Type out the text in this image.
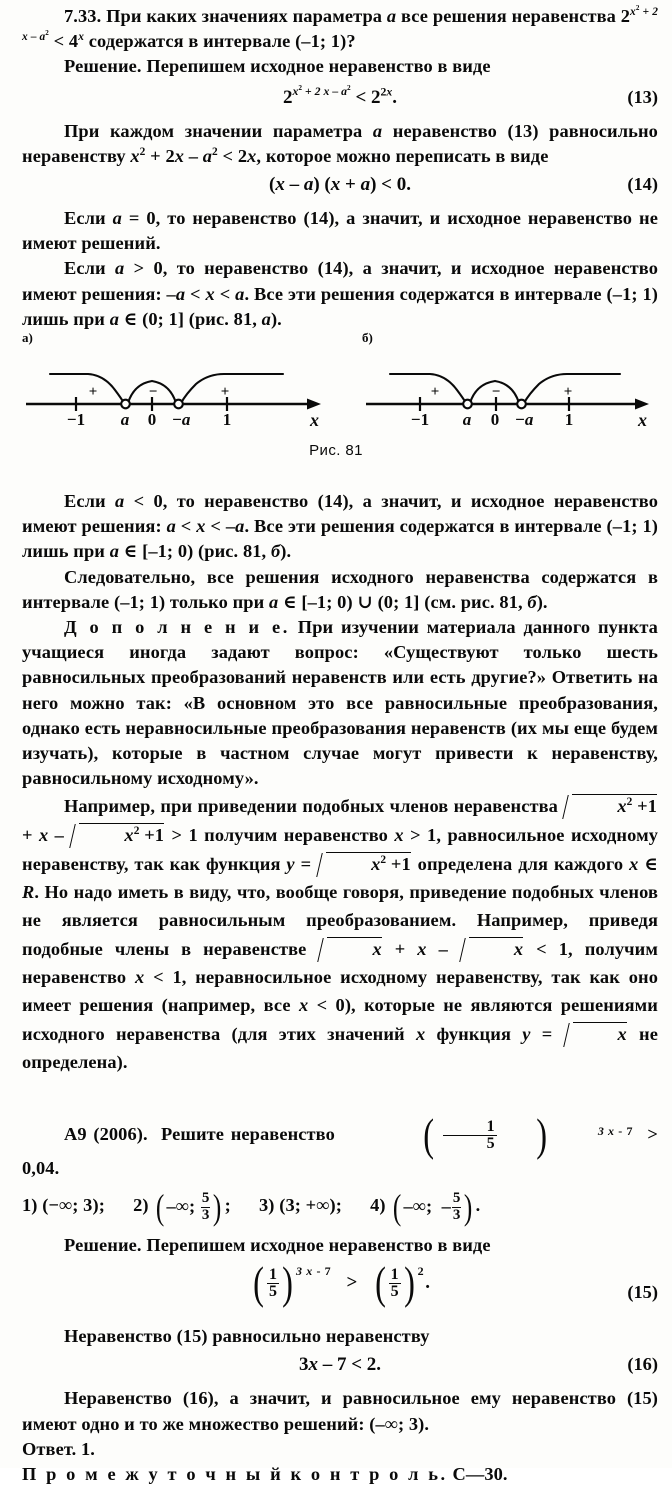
7.33. При каких значениях параметра a все решения неравенства $2^{x^2 + 2 x - a^2} < 4^x$ содержатся в интервале (–1; 1)?

Решение. Перепишем исходное неравенство в виде

$2^{x^2 + 2 x - a^2} < 2^{2x}$.	(13)

При каждом значении параметра a неравенство (13) равносильно неравенству $x^2 + 2x - a^2 < 2x$, которое можно переписать в виде

(x – a) (x + a) < 0.	(14)

Если a = 0, то неравенство (14), а значит, и исходное неравенство не имеют решений.

Если a > 0, то неравенство (14), а значит, и исходное неравенство имеют решения: –a < x < a. Все эти решения содержатся в интервале (–1; 1) лишь при a ∈ (0; 1] (рис. 81, а).

а)
+	−	+
−1	a	0 −a	1	x
б)
+	−	+
−1	a	0 −a	1	x
Рис. 81

Если a < 0, то неравенство (14), а значит, и исходное неравенство имеют решения: a < x < –a. Все эти решения содержатся в интервале (–1; 1) лишь при a ∈ [–1; 0) (рис. 81, б).

Следовательно, все решения исходного неравенства содержатся в интервале (–1; 1) только при a ∈ [–1; 0) ∪ (0; 1] (см. рис. 81, б).

Д о п о л н е н и е. При изучении материала данного пункта учащиеся иногда задают вопрос: «Существуют только шесть равносильных преобразований неравенств или есть другие?» Ответить на него можно так: «В основном это все равносильные преобразования, однако есть неравносильные преобразования неравенств (их мы еще будем изучать), которые в частном случае могут привести к неравенству, равносильному исходному».

Например, при приведении подобных членов неравенства	$x^2 +1 + x$ –	$x^2 +1 > 1$ получим неравенство x > 1, равносильное исходному неравенству, так как функция y =	$x^2 +1$ определена для каждого x ∈ R. Но надо иметь в виду, что, вообще говоря, приведение подобных членов не является равносильным преобразованием. Например, приведя подобные члены в неравенстве	x + x –	x < 1, получим неравенство x < 1, неравносильное исходному неравенству, так как оно имеет решения (например, все x < 0), которые не являются решениями исходного неравенства (для этих значений x функция y =	x не определена).

A9 (2006). Решите неравенство ( $\frac{1}{5}$ )	3 x - 7 > 0,04.

1) (−∞; 3); 2) (–∞; $\frac{5}{3}$ ) ; 3) (3; +∞); 4) (–∞;  – $\frac{5}{3}$ ) .

Решение. Перепишем исходное неравенство в виде

( $\frac{1}{5}$ ) 3 x - 7   > ( $\frac{1}{5}$ ) 2.	(15)

Неравенство (15) равносильно неравенству

3x – 7 < 2.	(16)

Неравенство (16), а значит, и равносильное ему неравенство (15) имеют одно и то же множество решений: (–∞; 3).

Ответ. 1.

П р о м е ж у т о ч н ы й к о н т р о л ь. С—30.
